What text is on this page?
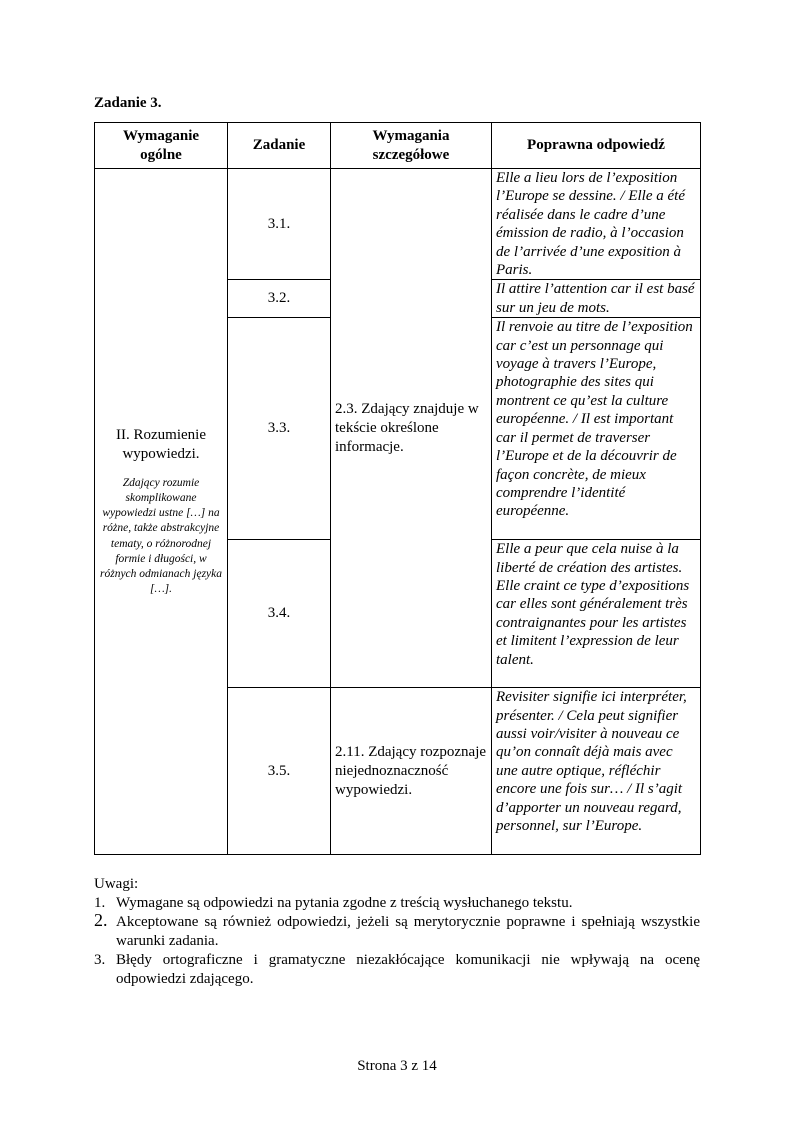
Zadanie 3.
Wymaganie ogólne	Zadanie	Wymagania szczegółowe	Poprawna odpowiedź

II. Rozumienie wypowiedzi.
Zdający rozumie skomplikowane wypowiedzi ustne […] na różne, także abstrakcyjne tematy, o różnorodnej formie i długości, w różnych odmianach języka […].	3.1.	2.3. Zdający znajduje w tekście określone informacje.	Elle a lieu lors de l’exposition l’Europe se dessine. / Elle a été réalisée dans le cadre d’une émission de radio, à l’occasion de l’arrivée d’une exposition à Paris.
	3.2.		Il attire l’attention car il est basé sur un jeu de mots.
	3.3.		Il renvoie au titre de l’exposition car c’est un personnage qui voyage à travers l’Europe, photographie des sites qui montrent ce qu’est la culture européenne. / Il est important car il permet de traverser l’Europe et de la découvrir de façon concrète, de mieux comprendre l’identité européenne.
	3.4.		Elle a peur que cela nuise à la liberté de création des artistes. Elle craint ce type d’expositions car elles sont généralement très contraignantes pour les artistes et limitent l’expression de leur talent.
	3.5.	2.11. Zdający rozpoznaje niejednoznaczność wypowiedzi.	Revisiter signifie ici interpréter, présenter. / Cela peut signifier aussi voir/visiter à nouveau ce qu’on connaît déjà mais avec une autre optique, réfléchir encore une fois sur… / Il s’agit d’apporter un nouveau regard, personnel, sur l’Europe.
Uwagi:
1. Wymagane są odpowiedzi na pytania zgodne z treścią wysłuchanego tekstu.
2. Akceptowane są również odpowiedzi, jeżeli są merytorycznie poprawne i spełniają wszystkie warunki zadania.
3. Błędy ortograficzne i gramatyczne niezakłócające komunikacji nie wpływają na ocenę odpowiedzi zdającego.
Strona 3 z 14
